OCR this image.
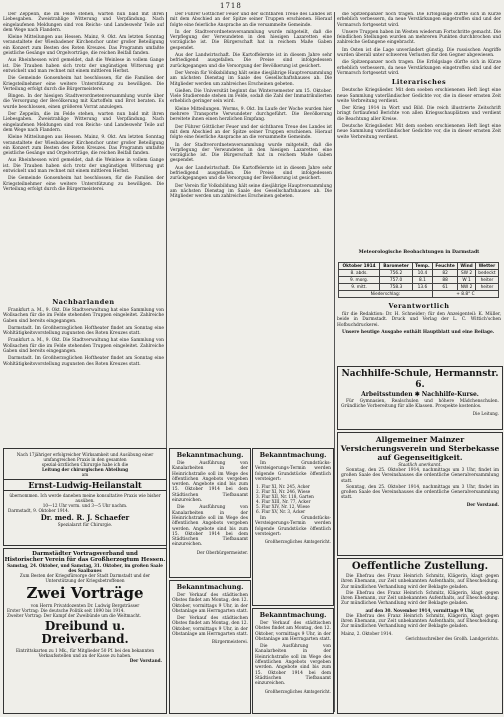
1718

Der Zeppelin, die im Felde stehen, warten nun bald mit ihren Liebesgaben. Zweistrahlige Witterung und Verpfändung. Nach eingelaufenen Meldungen sind von Reichs- und Landeswehr Teile auf dem Wege nach Flandern.

Kleine Mitteilungen aus Hessen. Mainz, 9. Okt. Am letzten Sonntag veranstaltete der Wiesbadener Kirchenchor unter großer Beteiligung ein Konzert zum Besten des Roten Kreuzes. Das Programm umfaßte geistliche Gesänge und Orgelvorträge, die reichen Beifall fanden.

Aus Rheinhessen wird gemeldet, daß die Weinlese in vollem Gange ist. Die Trauben haben sich trotz der ungünstigen Witterung gut entwickelt und man rechnet mit einem mittleren Herbst.

Die Gemeinde Gonsenheim hat beschlossen, für die Familien der Kriegsteilnehmer eine weitere Unterstützung zu bewilligen. Die Verteilung erfolgt durch die Bürgermeisterei.

Bingen. In der hiesigen Stadtverordnetenversammlung wurde über die Versorgung der Bevölkerung mit Kartoffeln und Brot beraten. Es wurde beschlossen, einen größeren Vorrat anzulegen.

Der Zeppelin, die im Felde stehen, warten nun bald mit ihren Liebesgaben. Zweistrahlige Witterung und Verpfändung. Nach eingelaufenen Meldungen sind von Reichs- und Landeswehr Teile auf dem Wege nach Flandern.

Kleine Mitteilungen aus Hessen. Mainz, 9. Okt. Am letzten Sonntag veranstaltete der Wiesbadener Kirchenchor unter großer Beteiligung ein Konzert zum Besten des Roten Kreuzes. Das Programm umfaßte geistliche Gesänge und Orgelvorträge, die reichen Beifall fanden.

Aus Rheinhessen wird gemeldet, daß die Weinlese in vollem Gange ist. Die Trauben haben sich trotz der ungünstigen Witterung gut entwickelt und man rechnet mit einem mittleren Herbst.

Die Gemeinde Gonsenheim hat beschlossen, für die Familien der Kriegsteilnehmer eine weitere Unterstützung zu bewilligen. Die Verteilung erfolgt durch die Bürgermeisterei.

Nachbarlanden

Frankfurt a. M., 9. Okt. Die Stadtverwaltung hat eine Sammlung von Wollsachen für die im Felde stehenden Truppen eingeleitet. Zahlreiche Gaben sind bereits eingegangen.

Darmstadt. Im Großherzoglichen Hoftheater findet am Sonntag eine Wohltätigkeitsvorstellung zugunsten des Roten Kreuzes statt.

Frankfurt a. M., 9. Okt. Die Stadtverwaltung hat eine Sammlung von Wollsachen für die im Felde stehenden Truppen eingeleitet. Zahlreiche Gaben sind bereits eingegangen.

Darmstadt. Im Großherzoglichen Hoftheater findet am Sonntag eine Wohltätigkeitsvorstellung zugunsten des Roten Kreuzes statt.

Der Führer Göttlicher Feuer und der sichtbaren Treue des Landes ist mit dem Abschied an der Spitze seiner Truppen erschienen. Hierauf folgte eine feierliche Ansprache an die versammelte Gemeinde.

In der Stadtverordnetenversammlung wurde mitgeteilt, daß die Verpflegung der Verwundeten in den hiesigen Lazaretten eine vorzügliche ist. Die Bürgerschaft hat in reichem Maße Gaben gespendet.

Aus der Landwirtschaft. Die Kartoffelernte ist in diesem Jahre sehr befriedigend ausgefallen. Die Preise sind infolgedessen zurückgegangen und die Versorgung der Bevölkerung ist gesichert.

Der Verein für Volksbildung hält seine diesjährige Hauptversammlung am nächsten Dienstag im Saale des Gesellschaftshauses ab. Die Mitglieder werden um zahlreiches Erscheinen gebeten.

Gießen. Die Universität beginnt das Wintersemester am 15. Oktober. Viele Studierende stehen im Felde, sodaß die Zahl der Immatrikulierten erheblich geringer sein wird.

Kleine Mitteilungen. Worms, 9. Okt. Im Laufe der Woche wurden hier mehrere Transporte Verwundeter durchgeführt. Die Bevölkerung bereitete ihnen einen herzlichen Empfang.

Der Führer Göttlicher Feuer und der sichtbaren Treue des Landes ist mit dem Abschied an der Spitze seiner Truppen erschienen. Hierauf folgte eine feierliche Ansprache an die versammelte Gemeinde.

In der Stadtverordnetenversammlung wurde mitgeteilt, daß die Verpflegung der Verwundeten in den hiesigen Lazaretten eine vorzügliche ist. Die Bürgerschaft hat in reichem Maße Gaben gespendet.

Aus der Landwirtschaft. Die Kartoffelernte ist in diesem Jahre sehr befriedigend ausgefallen. Die Preise sind infolgedessen zurückgegangen und die Versorgung der Bevölkerung ist gesichert.

Der Verein für Volksbildung hält seine diesjährige Hauptversammlung am nächsten Dienstag im Saale des Gesellschaftshauses ab. Die Mitglieder werden um zahlreiches Erscheinen gebeten.

die Spitzenpanzer noch tragen. Die Erfolgslage dürfte sich in Kürze erheblich verbessern, da neue Verstärkungen eingetroffen sind und der Vormarsch fortgesetzt wird.

Unsere Truppen haben im Westen wiederum Fortschritte gemacht. Die feindlichen Stellungen wurden an mehreren Punkten durchbrochen und zahlreiche Gefangene eingebracht.

Im Osten ist die Lage unverändert günstig. Die russischen Angriffe wurden überall unter schweren Verlusten für den Gegner abgewiesen.

die Spitzenpanzer noch tragen. Die Erfolgslage dürfte sich in Kürze erheblich verbessern, da neue Verstärkungen eingetroffen sind und der Vormarsch fortgesetzt wird.

Literarisches

Deutsche Kriegslieder. Mit dem soeben erschienenen Heft liegt eine neue Sammlung vaterländischer Gedichte vor, die in dieser ernsten Zeit weite Verbreitung verdient.

Der Krieg 1914 in Wort und Bild. Die reich illustrierte Zeitschrift bringt fortlaufend Berichte von allen Kriegsschauplätzen und verdient die Beachtung aller Kreise.

Deutsche Kriegslieder. Mit dem soeben erschienenen Heft liegt eine neue Sammlung vaterländischer Gedichte vor, die in dieser ernsten Zeit weite Verbreitung verdient.

Meteorologische Beobachtungen in Darmstadt
Oktober 1914	Barometer	Temp.	Feuchte	Wind	Wetter
8. abds.	756.2	10.4	82	SW 2	bedeckt
9. morg.	757.0	8.1	88	W 1	heiter
9. mitt.	758.3	13.6	61	NW 2	heiter
Niederschlag:			+ 8.8° C		
Verantwortlich

für die Redaktion: Dr. H. Schneider; für den Anzeigenteil: K. Müller, beide in Darmstadt. Druck und Verlag der L. C. Wittich'schen Hofbuchdruckerei.

Unsere heutige Ausgabe enthält Hauptblatt und eine Beilage.

Nach 17jähriger erfolgreicher Wirksamkeit und Ausübung einer umfangreichen Praxis in den gesamten
spezial-ärztlichen Chirurgie habe ich die
Leitung der chirurgischen Abteilung
am
Ernst-Ludwig-Heilanstalt
übernommen. Ich werde daneben meine konsultative Praxis wie bisher ausüben.
10—12 Uhr vorm. und 3—5 Uhr nachm.
Darmstadt, 9. Oktober 1914.
Dr. med. R. J. Schaefer
Spezialarzt für Chirurgie.
Darmstädter Vortragsverband und
Historischer Verein für das Großherzogtum Hessen.
Samstag, 24. Oktober, und Samstag, 31. Oktober, im großen Saale des Saalbaues
Zum Besten der Kriegsfürsorge der Stadt Darmstadt und der Unterstützung der Kriegsbetroffenen
Zwei Vorträge
von Herrn Privatdozenten Dr. Ludwig Bergsträsser
Erster Vortrag: Die deutsche Politik seit 1890 bis 1914.
Zweiter Vortrag: Der Kampf der Zweibünde um die Weltmacht.
Dreibund u. Dreiverband.
Eintrittskarten zu 1 Mk., für Mitglieder 50 Pf. bei den bekannten Verkaufsstellen und an der Kasse zu haben.
Der Vorstand.
Bekanntmachung.

Die Ausführung von Kanalarbeiten in der Heinrichstraße soll im Wege des öffentlichen Angebots vergeben werden. Angebote sind bis zum 15. Oktober 1914 bei dem Städtischen Tiefbauamt einzureichen.

Die Ausführung von Kanalarbeiten in der Heinrichstraße soll im Wege des öffentlichen Angebots vergeben werden. Angebote sind bis zum 15. Oktober 1914 bei dem Städtischen Tiefbauamt einzureichen.

Der Oberbürgermeister.
Bekanntmachung.

Im Grundstücks-Versteigerungs-Termin werden folgende Grundstücke öffentlich versteigert:

1. Flur XI, Nr. 245, Acker
2. Flur XI, Nr. 246, Wiese
3. Flur XII, Nr. 118, Garten
4. Flur XIII, Nr. 77, Acker
5. Flur XIV, Nr. 12, Wiese
6. Flur XV, Nr. 3, Acker

Im Grundstücks-Versteigerungs-Termin werden folgende Grundstücke öffentlich versteigert:

Großherzogliches Amtsgericht.
Bekanntmachung.

Der Verkauf des städtischen Obstes findet am Montag, den 12. Oktober, vormittags 9 Uhr, in der Obstanlage am Herrngarten statt.

Der Verkauf des städtischen Obstes findet am Montag, den 12. Oktober, vormittags 9 Uhr, in der Obstanlage am Herrngarten statt.

Bürgermeisterei.
Bekanntmachung.

Der Verkauf des städtischen Obstes findet am Montag, den 12. Oktober, vormittags 9 Uhr, in der Obstanlage am Herrngarten statt.

Die Ausführung von Kanalarbeiten in der Heinrichstraße soll im Wege des öffentlichen Angebots vergeben werden. Angebote sind bis zum 15. Oktober 1914 bei dem Städtischen Tiefbauamt einzureichen.

Großherzogliches Amtsgericht.
Nachhilfe-Schule, Hermannstr. 6.
Arbeitsstunden ✱ Nachhilfe-Kurse.

Für Gymnasien, Realschulen und höhere Mädchenschulen. Gründliche Vorbereitung für alle Klassen. Prospekte kostenlos.

Die Leitung.
Allgemeiner Mainzer Versicherungsverein und Sterbekasse auf Gegenseitigkeit.
Staatlich anerkannt.

Sonntag, den 25. Oktober 1914, nachmittags um 3 Uhr, findet im großen Saale des Vereinshauses die ordentliche Generalversammlung statt.

Sonntag, den 25. Oktober 1914, nachmittags um 3 Uhr, findet im großen Saale des Vereinshauses die ordentliche Generalversammlung statt.

Der Vorstand.
Oeffentliche Zustellung.

Die Ehefrau des Franz Heinrich Schmitz, Klägerin, klagt gegen ihren Ehemann, zur Zeit unbekannten Aufenthalts, auf Ehescheidung. Zur mündlichen Verhandlung wird der Beklagte geladen.

Die Ehefrau des Franz Heinrich Schmitz, Klägerin, klagt gegen ihren Ehemann, zur Zeit unbekannten Aufenthalts, auf Ehescheidung. Zur mündlichen Verhandlung wird der Beklagte geladen.

auf den 30. November 1914, vormittags 9 Uhr,

Die Ehefrau des Franz Heinrich Schmitz, Klägerin, klagt gegen ihren Ehemann, zur Zeit unbekannten Aufenthalts, auf Ehescheidung. Zur mündlichen Verhandlung wird der Beklagte geladen.

Mainz, 2. Oktober 1914.
Gerichtsschreiber des Großh. Landgerichts.
